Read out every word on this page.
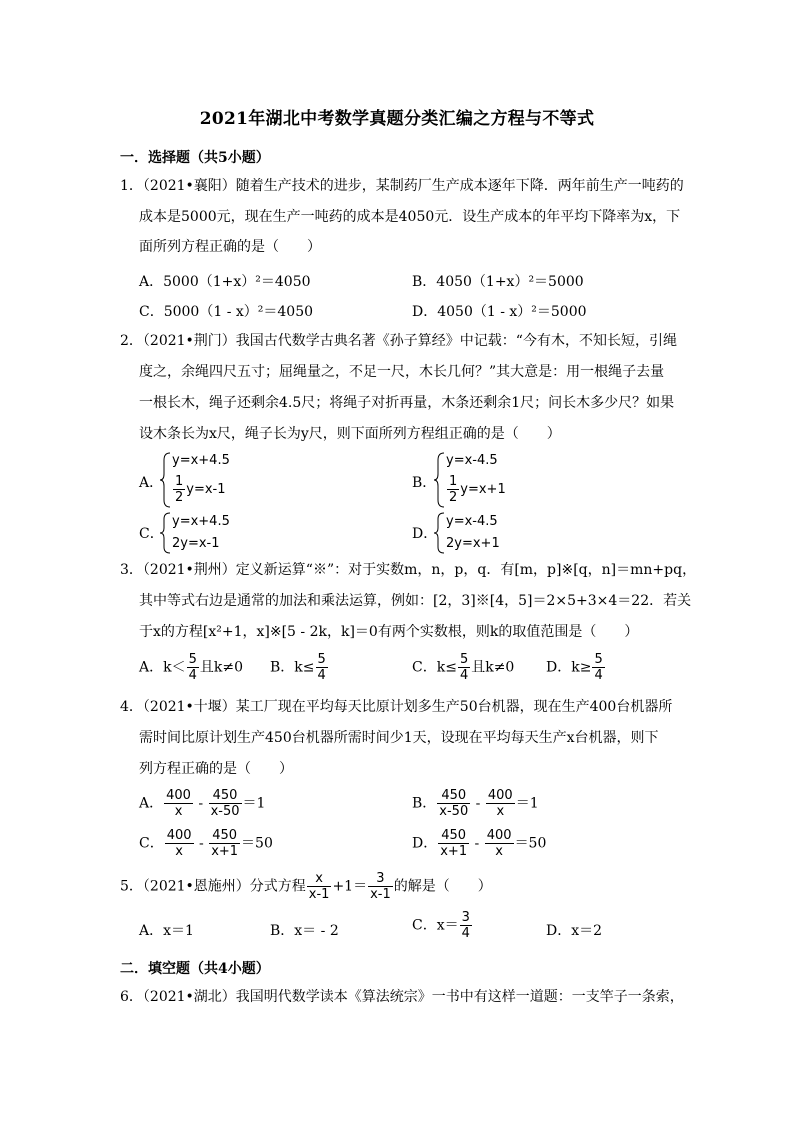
2021年湖北中考数学真题分类汇编之方程与不等式
一．选择题（共5小题）
1．（2021•襄阳）随着生产技术的进步，某制药厂生产成本逐年下降．两年前生产一吨药的
成本是5000元，现在生产一吨药的成本是4050元．设生产成本的年平均下降率为x，下
面所列方程正确的是（　　）
A．5000（1+x）²＝4050	B．4050（1+x）²＝5000
C．5000（1 - x）²＝4050	D．4050（1 - x）²＝5000
2．（2021•荆门）我国古代数学古典名著《孙子算经》中记载：“今有木，不知长短，引绳
度之，余绳四尺五寸；屈绳量之，不足一尺，木长几何？”其大意是：用一根绳子去量
一根长木，绳子还剩余4.5尺；将绳子对折再量，木条还剩余1尺；问长木多少尺？如果
设木条长为x尺，绳子长为y尺，则下面所列方程组正确的是（　　）
A．
y=x+4.5
$\frac{1}{2} y=x-1$	B．
y=x-4.5
$\frac{1}{2} y=x+1$
C．
y=x+4.5
2y=x-1
D．
y=x-4.5
2y=x+1
3．（2021•荆州）定义新运算“※”：对于实数m，n，p，q．有[m，p]※[q，n]＝mn+pq，
其中等式右边是通常的加法和乘法运算，例如：[2，3]※[4，5]＝2×5+3×4＝22．若关
于x的方程[x²+1，x]※[5 - 2k，k]＝0有两个实数根，则k的取值范围是（　　）
A．$k< \frac{5}{4}$ 且k≠0 B．$k\le \frac{5}{4}$	C．$k\le \frac{5}{4}$ 且k≠0 D．$k\ge \frac{5}{4}$
4．（2021•十堰）某工厂现在平均每天比原计划多生产50台机器，现在生产400台机器所
需时间比原计划生产450台机器所需时间少1天，设现在平均每天生产x台机器，则下
列方程正确的是（　　）
A． $\frac{400}{x} - \frac{450}{x-50} =1$	B． $\frac{450}{x-50} - \frac{400}{x} =1$
C． $\frac{400}{x} - \frac{450}{x+1} =50$	D． $\frac{450}{x+1} - \frac{400}{x} =50$
5．（2021•恩施州）分式方程 $\frac{x}{x-1} +1= \frac{3}{x-1}$ 的解是（　　）
A．x＝1	B．x＝ - 2	C．$x= \frac{3}{4}$	D．x＝2
二．填空题（共4小题）
6．（2021•湖北）我国明代数学读本《算法统宗》一书中有这样一道题：一支竿子一条索，
